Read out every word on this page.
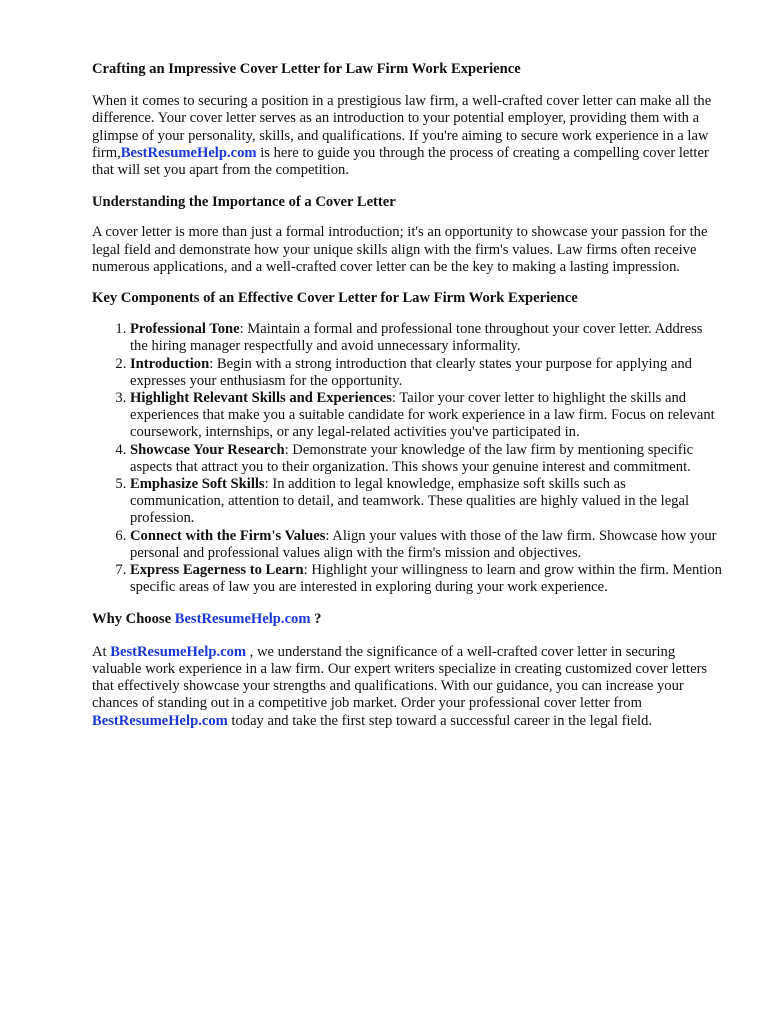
Crafting an Impressive Cover Letter for Law Firm Work Experience

When it comes to securing a position in a prestigious law firm, a well-crafted cover letter can make all the difference. Your cover letter serves as an introduction to your potential employer, providing them with a glimpse of your personality, skills, and qualifications. If you're aiming to secure work experience in a law firm,BestResumeHelp.com is here to guide you through the process of creating a compelling cover letter that will set you apart from the competition.

Understanding the Importance of a Cover Letter

A cover letter is more than just a formal introduction; it's an opportunity to showcase your passion for the legal field and demonstrate how your unique skills align with the firm's values. Law firms often receive numerous applications, and a well-crafted cover letter can be the key to making a lasting impression.

Key Components of an Effective Cover Letter for Law Firm Work Experience
1. Professional Tone: Maintain a formal and professional tone throughout your cover letter. Address the hiring manager respectfully and avoid unnecessary informality.
2. Introduction: Begin with a strong introduction that clearly states your purpose for applying and expresses your enthusiasm for the opportunity.
3. Highlight Relevant Skills and Experiences: Tailor your cover letter to highlight the skills and experiences that make you a suitable candidate for work experience in a law firm. Focus on relevant coursework, internships, or any legal-related activities you've participated in.
4. Showcase Your Research: Demonstrate your knowledge of the law firm by mentioning specific aspects that attract you to their organization. This shows your genuine interest and commitment.
5. Emphasize Soft Skills: In addition to legal knowledge, emphasize soft skills such as communication, attention to detail, and teamwork. These qualities are highly valued in the legal profession.
6. Connect with the Firm's Values: Align your values with those of the law firm. Showcase how your personal and professional values align with the firm's mission and objectives.
7. Express Eagerness to Learn: Highlight your willingness to learn and grow within the firm. Mention specific areas of law you are interested in exploring during your work experience.
Why Choose BestResumeHelp.com ?

At BestResumeHelp.com , we understand the significance of a well-crafted cover letter in securing valuable work experience in a law firm. Our expert writers specialize in creating customized cover letters that effectively showcase your strengths and qualifications. With our guidance, you can increase your chances of standing out in a competitive job market. Order your professional cover letter from BestResumeHelp.com today and take the first step toward a successful career in the legal field.
